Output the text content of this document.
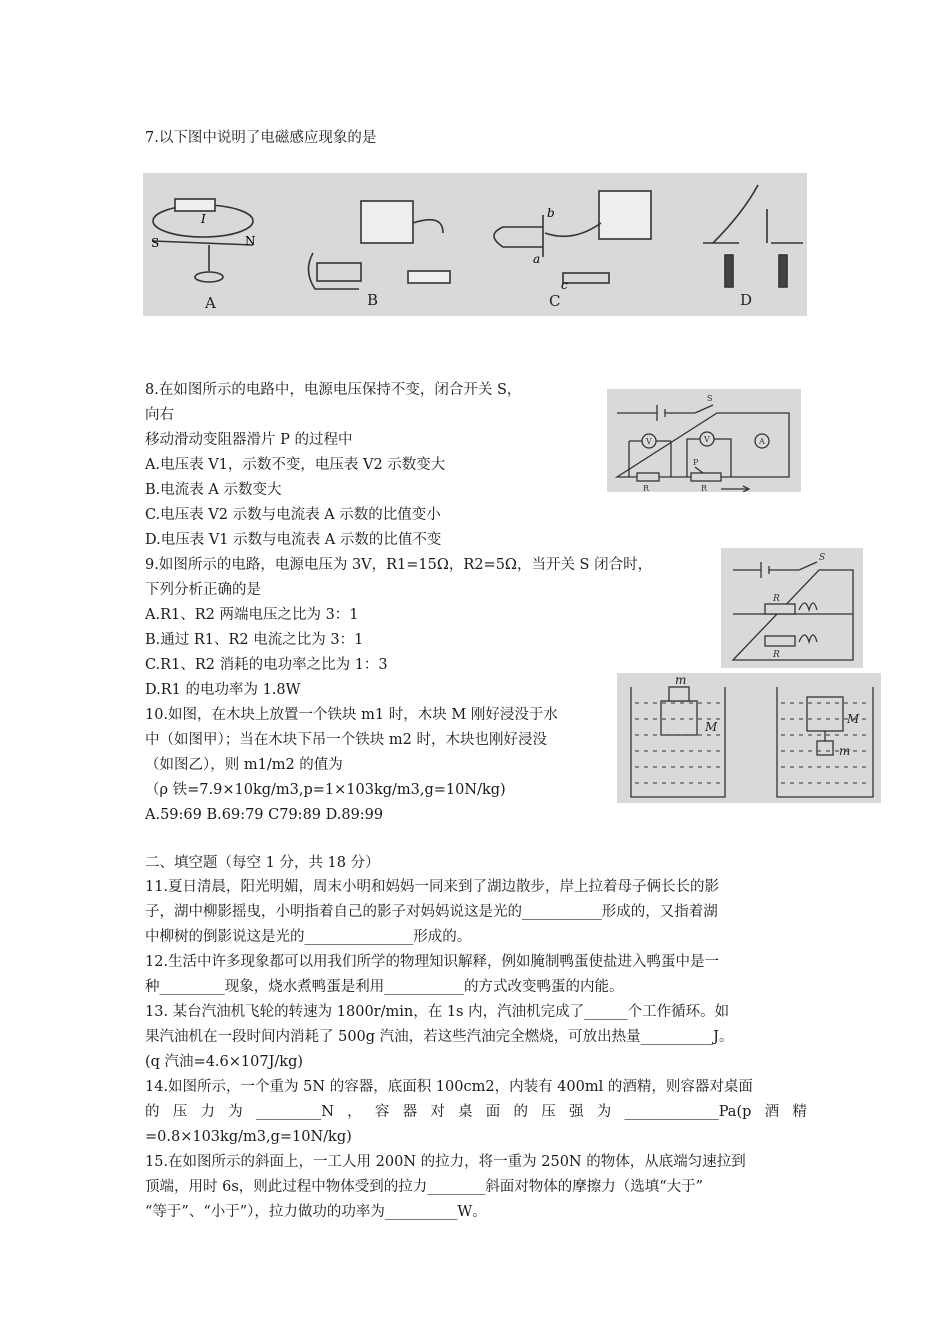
7.以下图中说明了电磁感应现象的是
S	N
I
a
b
c
A	B	C	D
8.在如图所示的电路中，电源电压保持不变，闭合开关 S，
向右
移动滑动变阻器滑片 P 的过程中
A.电压表 V1，示数不变，电压表 V2 示数变大
B.电流表 A 示数变大
C.电压表 V2 示数与电流表 A 示数的比值变小
D.电压表 V1 示数与电流表 A 示数的比值不变
S
V	V	A
P
R	R
9.如图所示的电路，电源电压为 3V，R1=15Ω，R2=5Ω，当开关 S 闭合时，
下列分析正确的是
A.R1、R2 两端电压之比为 3：1
B.通过 R1、R2 电流之比为 3：1
C.R1、R2 消耗的电功率之比为 1：3
D.R1 的电功率为 1.8W
S
R
R
10.如图，在木块上放置一个铁块 m1 时，木块 M 刚好浸没于水
中（如图甲）；当在木块下吊一个铁块 m2 时，木块也刚好浸没
（如图乙），则 m1/m2 的值为
（ρ 铁=7.9×10kg/m3,p=1×103kg/m3,g=10N/kg)
A.59:69 B.69:79 C79:89 D.89:99
m
M
M
m
二、填空题（每空 1 分，共 18 分）
11.夏日清晨，阳光明媚，周末小明和妈妈一同来到了湖边散步，岸上拉着母子俩长长的影
子，湖中柳影摇曳，小明指着自己的影子对妈妈说这是光的___________形成的，又指着湖
中柳树的倒影说这是光的_______________形成的。
12.生活中许多现象都可以用我们所学的物理知识解释，例如腌制鸭蛋使盐进入鸭蛋中是一
种_________现象，烧水煮鸭蛋是利用___________的方式改变鸭蛋的内能。
13. 某台汽油机飞轮的转速为 1800r/min，在 1s 内，汽油机完成了______个工作循环。如
果汽油机在一段时间内消耗了 500g 汽油，若这些汽油完全燃烧，可放出热量__________J。
(q 汽油=4.6×107J/kg)
14.如图所示，一个重为 5N 的容器，底面积 100cm2，内装有 400ml 的酒精，则容器对桌面
的 压 力 为 _________N ， 容 器 对 桌 面 的 压 强 为 _____________Pa(p 酒 精
=0.8×103kg/m3,g=10N/kg)
15.在如图所示的斜面上，一工人用 200N 的拉力，将一重为 250N 的物体，从底端匀速拉到
顶端，用时 6s，则此过程中物体受到的拉力________斜面对物体的摩擦力（选填“大于”
“等于”、“小于”），拉力做功的功率为__________W。
